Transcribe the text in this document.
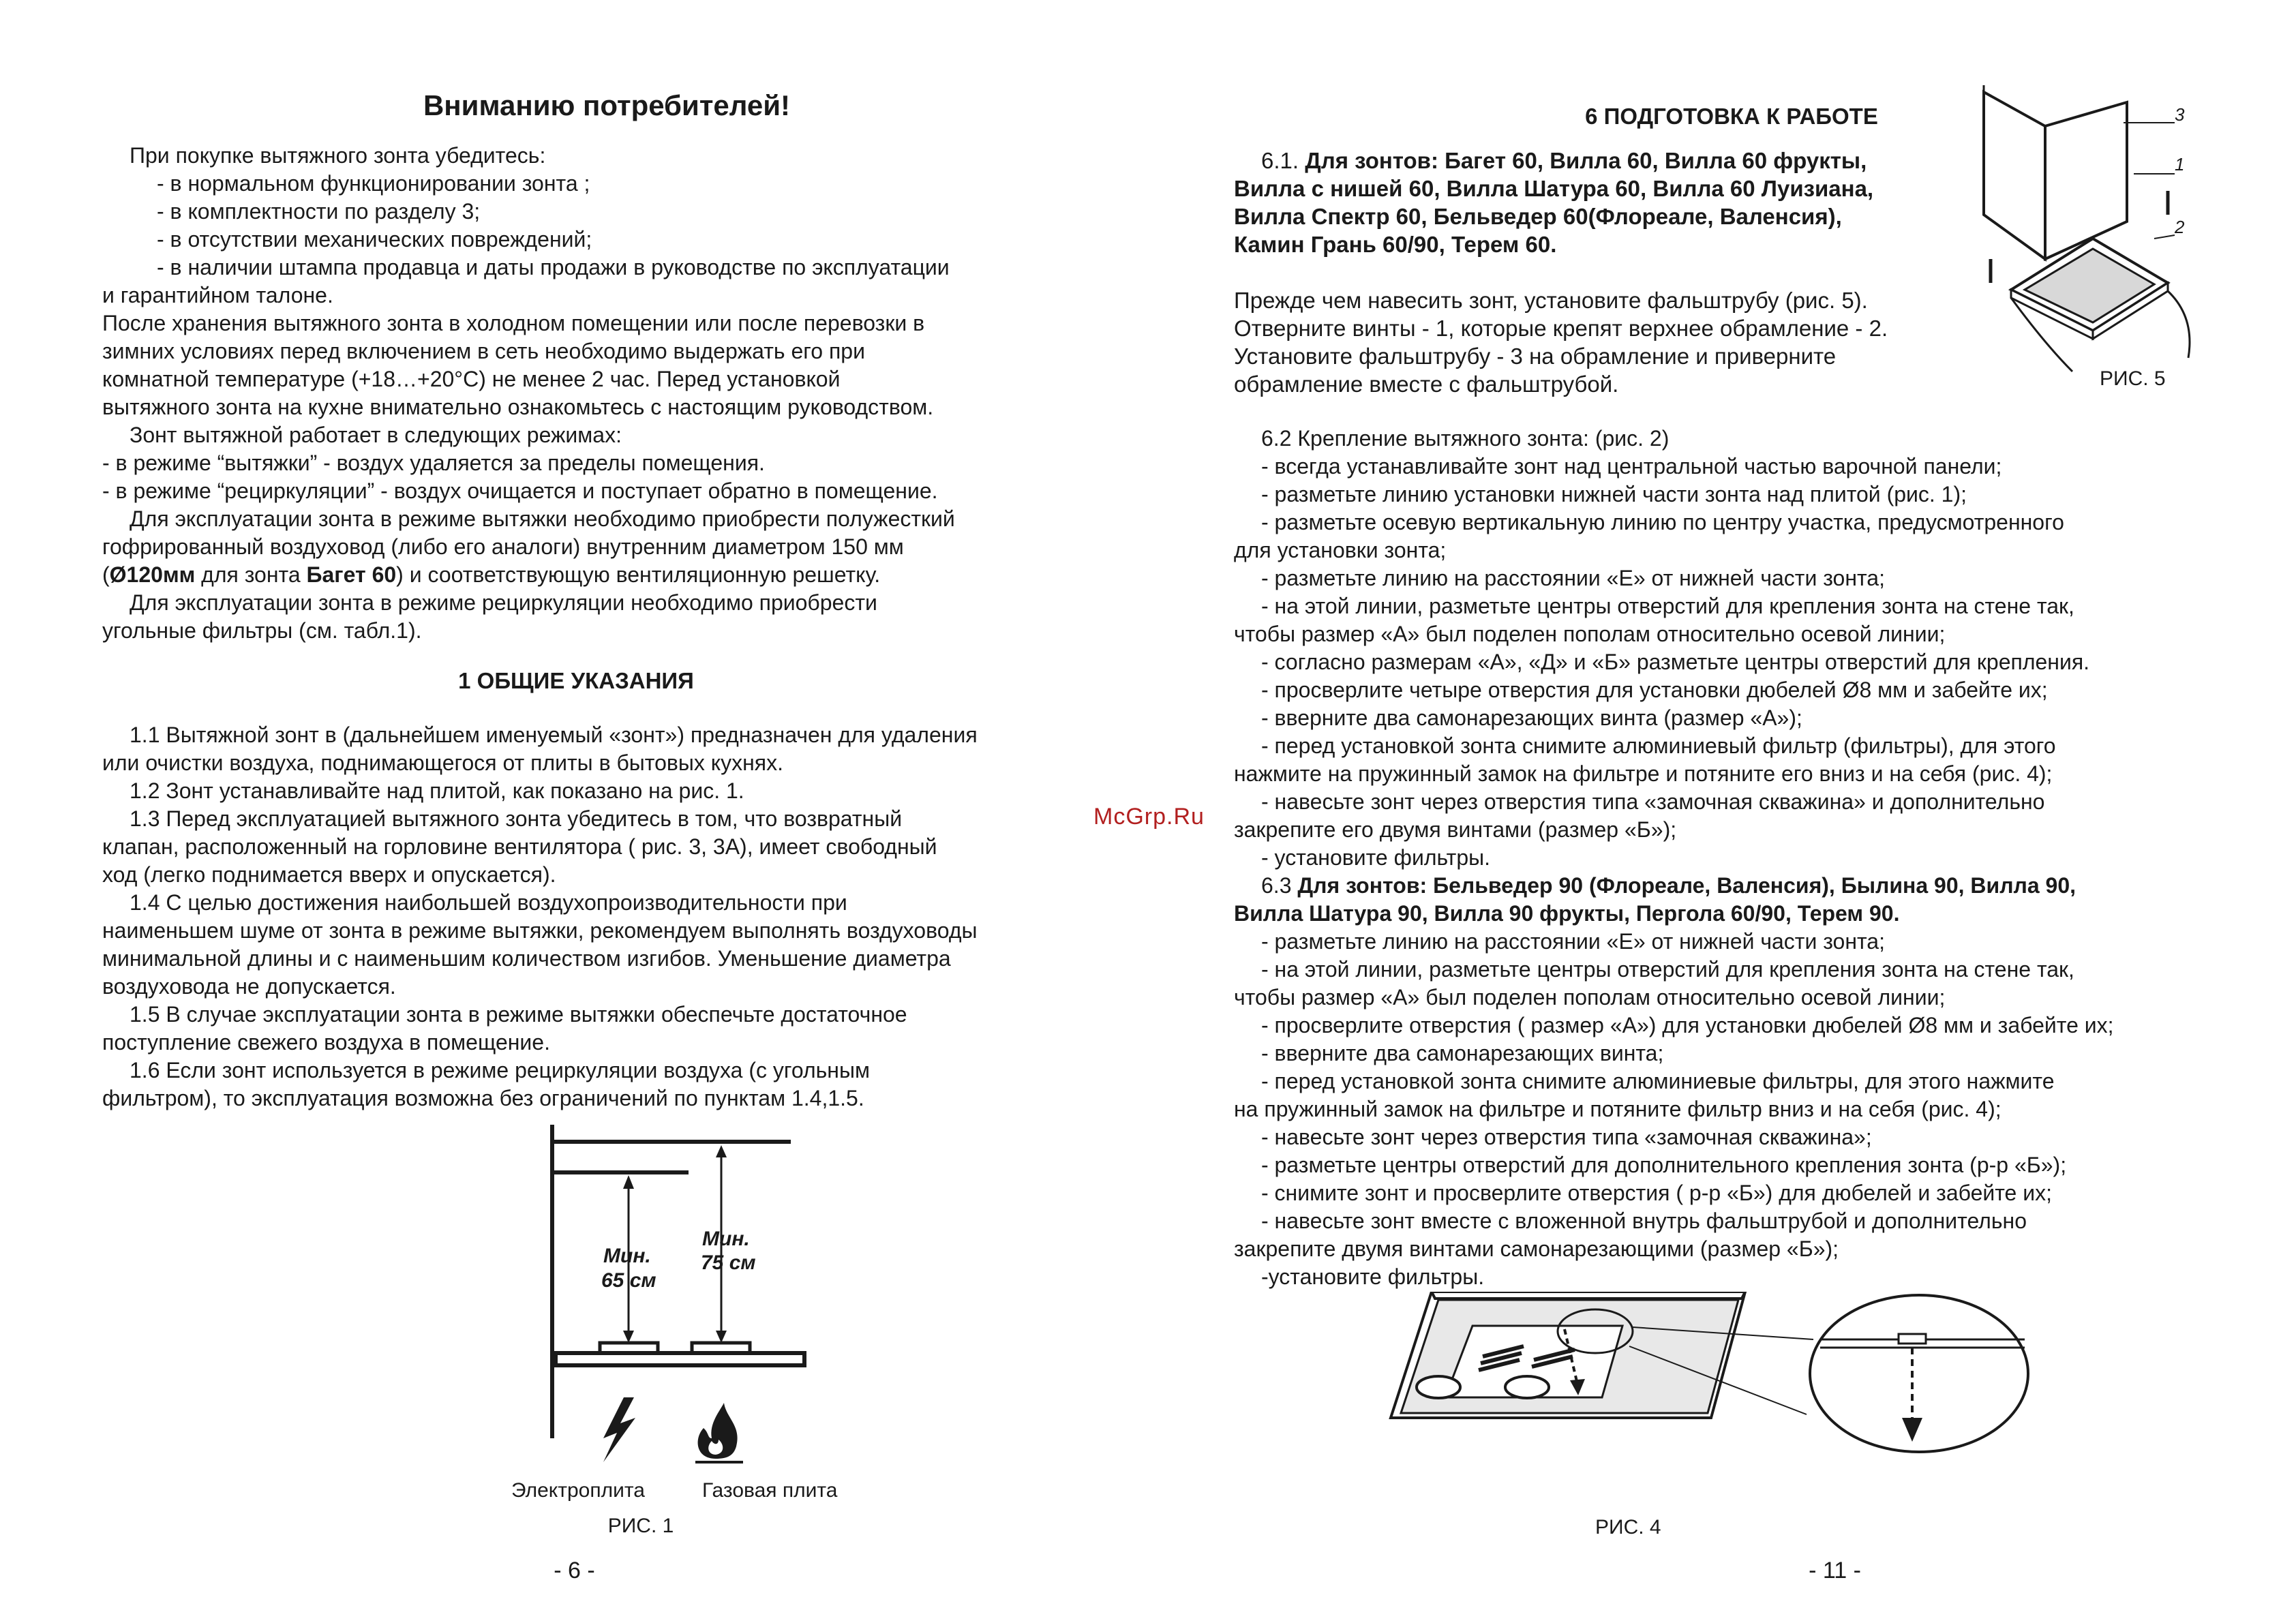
Вниманию потребителей!

При покупке вытяжного зонта убедитесь:

- в нормальном функционировании зонта ;

- в комплектности по разделу 3;

- в отсутствии механических повреждений;

- в наличии штампа продавца и даты продажи в руководстве по эксплуатации

и гарантийном талоне.

После хранения вытяжного зонта в холодном помещении или после перевозки в

зимних условиях перед включением в сеть необходимо выдержать его при

комнатной температуре (+18…+20°С) не менее 2 час. Перед установкой

вытяжного зонта на кухне внимательно ознакомьтесь с настоящим руководством.

Зонт вытяжной работает в следующих режимах:

- в режиме “вытяжки” - воздух удаляется за пределы помещения.

- в режиме “рециркуляции” - воздух очищается и поступает обратно в помещение.

Для эксплуатации зонта в режиме вытяжки необходимо приобрести полужесткий

гофрированный воздуховод (либо его аналоги) внутренним диаметром 150 мм

(Ø120мм для зонта Багет 60) и соответствующую вентиляционную решетку.

Для эксплуатации зонта в режиме рециркуляции необходимо приобрести

угольные фильтры (см. табл.1).

1 ОБЩИЕ УКАЗАНИЯ

1.1 Вытяжной зонт в (дальнейшем именуемый «зонт») предназначен для удаления

или очистки воздуха, поднимающегося от плиты в бытовых кухнях.

1.2 Зонт устанавливайте над плитой, как показано на рис. 1.

1.3 Перед эксплуатацией вытяжного зонта убедитесь в том, что возвратный

клапан, расположенный на горловине вентилятора ( рис. 3, 3А), имеет свободный

ход (легко поднимается вверх и опускается).

1.4 С целью достижения наибольшей воздухопроизводительности при

наименьшем шуме от зонта в режиме вытяжки, рекомендуем выполнять воздуховоды

минимальной длины и с наименьшим количеством изгибов. Уменьшение диаметра

воздуховода не допускается.

1.5 В случае эксплуатации зонта в режиме вытяжки обеспечьте достаточное

поступление свежего воздуха в помещение.

1.6 Если зонт используется в режиме рециркуляции воздуха (с угольным

фильтром), то эксплуатация возможна без ограничений по пунктам 1.4,1.5.

Мин.
65 см
Мин.
75 см
Электроплита	Газовая плита
РИС. 1
- 6 -
McGrp.Ru
6 ПОДГОТОВКА К РАБОТЕ

6.1. Для зонтов: Багет 60, Вилла 60, Вилла 60 фрукты,

Вилла с нишей 60, Вилла Шатура 60, Вилла 60 Луизиана,

Вилла Спектр 60, Бельведер 60(Флореале, Валенсия),

Камин Грань 60/90, Терем 60.

Прежде чем навесить зонт, установите фальштрубу (рис. 5).

Отверните винты - 1, которые крепят верхнее обрамление - 2.

Установите фальштрубу - 3 на обрамление и приверните

обрамление вместе с фальштрубой.

3
1
2
РИС. 5

6.2 Крепление вытяжного зонта: (рис. 2)

- всегда устанавливайте зонт над центральной частью варочной панели;

- разметьте линию установки нижней части зонта над плитой (рис. 1);

- разметьте осевую вертикальную линию по центру участка, предусмотренного

для установки зонта;

- разметьте линию на расстоянии «Е» от нижней части зонта;

- на этой линии, разметьте центры отверстий для крепления зонта на стене так,

чтобы размер «А» был поделен пополам относительно осевой линии;

- согласно размерам «А», «Д» и «Б» разметьте центры отверстий для крепления.

- просверлите четыре отверстия для установки дюбелей Ø8 мм и забейте их;

- вверните два самонарезающих винта (размер «А»);

- перед установкой зонта снимите алюминиевый фильтр (фильтры), для этого

нажмите на пружинный замок на фильтре и потяните его вниз и на себя (рис. 4);

- навесьте зонт через отверстия типа «замочная скважина» и дополнительно

закрепите его двумя винтами (размер «Б»);

- установите фильтры.

6.3 Для зонтов: Бельведер 90 (Флореале, Валенсия), Былина 90, Вилла 90,

Вилла Шатура 90, Вилла 90 фрукты, Пергола 60/90, Терем 90.

- разметьте линию на расстоянии «Е» от нижней части зонта;

- на этой линии, разметьте центры отверстий для крепления зонта на стене так,

чтобы размер «А» был поделен пополам относительно осевой линии;

- просверлите отверстия ( размер «А») для установки дюбелей Ø8 мм и забейте их;

- вверните два самонарезающих винта;

- перед установкой зонта снимите алюминиевые фильтры, для этого нажмите

на пружинный замок на фильтре и потяните фильтр вниз и на себя (рис. 4);

- навесьте зонт через отверстия типа «замочная скважина»;

- разметьте центры отверстий для дополнительного крепления зонта (р-р «Б»);

- снимите зонт и просверлите отверстия ( р-р «Б») для дюбелей и забейте их;

- навесьте зонт вместе с вложенной внутрь фальштрубой и дополнительно

закрепите двумя винтами самонарезающими (размер «Б»);

-установите фильтры.

РИС. 4
- 11 -
